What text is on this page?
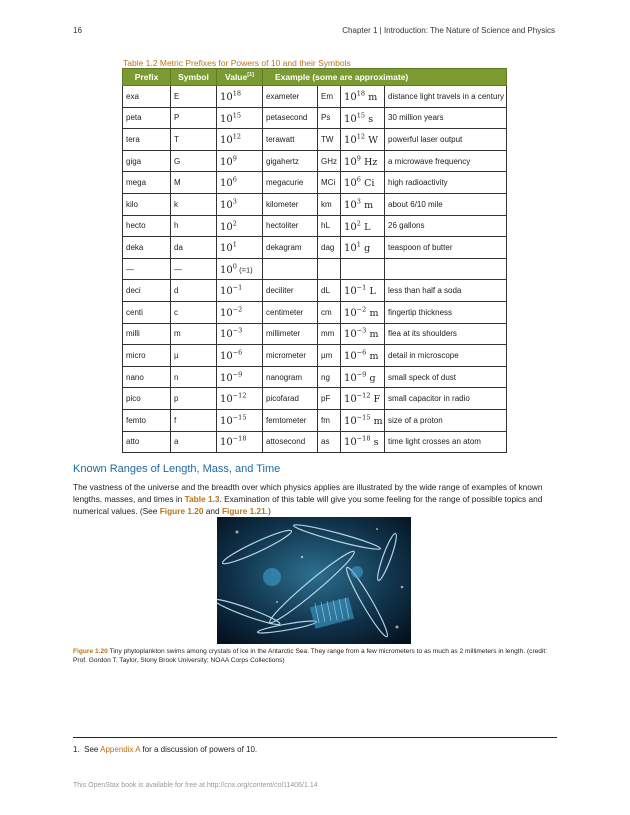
16	Chapter 1 | Introduction: The Nature of Science and Physics
Table 1.2 Metric Prefixes for Powers of 10 and their Symbols
Prefix	Symbol	Value[1]	Example (some are approximate)			
exa	E	$10^{18}$	exameter	Em	$10^{18}$ m	distance light travels in a century
peta	P	$10^{15}$	petasecond	Ps	$10^{15}$ s	30 million years
tera	T	$10^{12}$	terawatt	TW	$10^{12}$ W	powerful laser output
giga	G	$10^9$	gigahertz	GHz	$10^9$ Hz	a microwave frequency
mega	M	$10^6$	megacurie	MCi	$10^6$ Ci	high radioactivity
kilo	k	$10^3$	kilometer	km	$10^3$ m	about 6/10 mile
hecto	h	$10^2$	hectoliter	hL	$10^2$ L	26 gallons
deka	da	$10^1$	dekagram	dag	$10^1$ g	teaspoon of butter
—	—	$10^0$ (=1)				
deci	d	$10^{-1}$	deciliter	dL	$10^{-1}$ L	less than half a soda
centi	c	$10^{-2}$	centimeter	cm	$10^{-2}$ m	fingertip thickness
milli	m	$10^{-3}$	millimeter	mm	$10^{-3}$ m	flea at its shoulders
micro	µ	$10^{-6}$	micrometer	µm	$10^{-6}$ m	detail in microscope
nano	n	$10^{-9}$	nanogram	ng	$10^{-9}$ g	small speck of dust
pico	p	$10^{-12}$	picofarad	pF	$10^{-12}$ F	small capacitor in radio
femto	f	$10^{-15}$	femtometer	fm	$10^{-15}$ m	size of a proton
atto	a	$10^{-18}$	attosecond	as	$10^{-18}$ s	time light crosses an atom
Known Ranges of Length, Mass, and Time
The vastness of the universe and the breadth over which physics applies are illustrated by the wide range of examples of known lengths, masses, and times in Table 1.3. Examination of this table will give you some feeling for the range of possible topics and numerical values. (See Figure 1.20 and Figure 1.21.)
Figure 1.20 Tiny phytoplankton swims among crystals of ice in the Antarctic Sea. They range from a few micrometers to as much as 2 millimeters in length. (credit: Prof. Gordon T. Taylor, Stony Brook University; NOAA Corps Collections)
1. See Appendix A for a discussion of powers of 10.
This OpenStax book is available for free at http://cnx.org/content/col11406/1.14
